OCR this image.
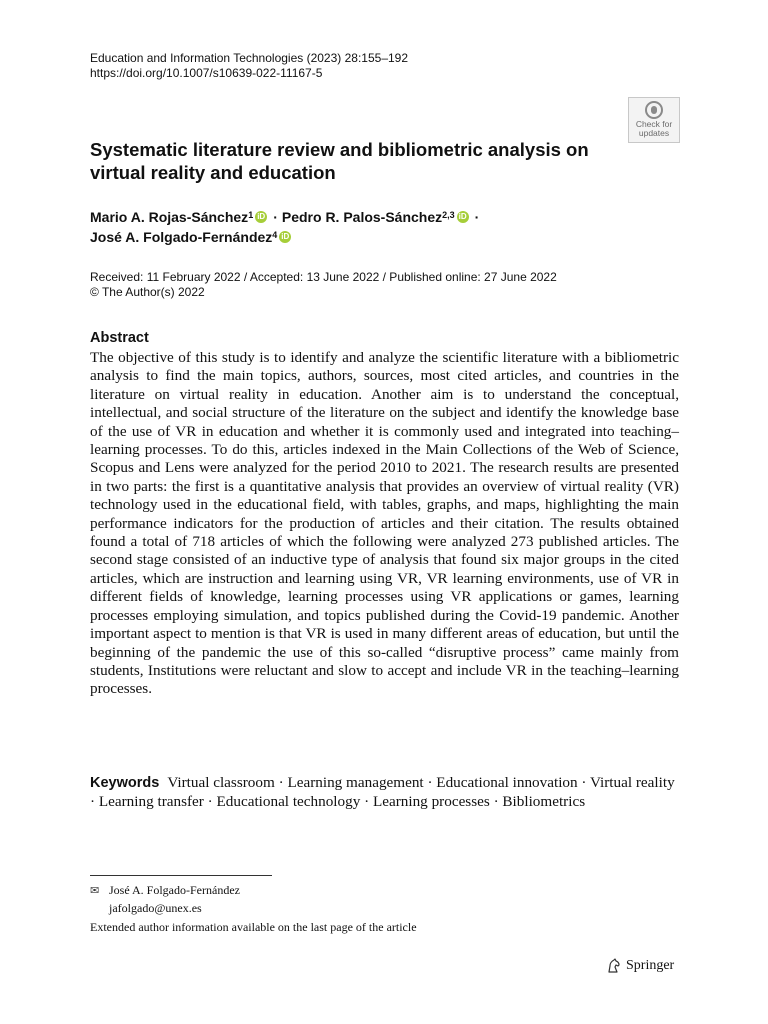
Education and Information Technologies (2023) 28:155–192
https://doi.org/10.1007/s10639-022-11167-5
Check for
updates
Systematic literature review and bibliometric analysis on virtual reality and education
Mario A. Rojas-Sánchez$^1$ iD · Pedro R. Palos-Sánchez$^{2,3}$ iD ·
José A. Folgado-Fernández$^4$ iD
Received: 11 February 2022 / Accepted: 13 June 2022 / Published online: 27 June 2022
© The Author(s) 2022
Abstract

The objective of this study is to identify and analyze the scientific literature with a bibliometric analysis to find the main topics, authors, sources, most cited articles, and countries in the literature on virtual reality in education. Another aim is to understand the conceptual, intellectual, and social structure of the literature on the subject and identify the knowledge base of the use of VR in education and whether it is commonly used and integrated into teaching–learning processes. To do this, articles indexed in the Main Collections of the Web of Science, Scopus and Lens were analyzed for the period 2010 to 2021. The research results are presented in two parts: the first is a quantitative analysis that provides an overview of virtual reality (VR) technology used in the educational field, with tables, graphs, and maps, highlighting the main performance indicators for the production of articles and their citation. The results obtained found a total of 718 articles of which the following were analyzed 273 published articles. The second stage consisted of an inductive type of analysis that found six major groups in the cited articles, which are instruction and learning using VR, VR learning environments, use of VR in different fields of knowledge, learning processes using VR applications or games, learning processes employing simulation, and topics published during the Covid-19 pandemic. Another important aspect to mention is that VR is used in many different areas of education, but until the beginning of the pandemic the use of this so-called “disruptive process” came mainly from students, Institutions were reluctant and slow to accept and include VR in the teaching–learning processes.

Keywords Virtual classroom · Learning management · Educational innovation · Virtual reality · Learning transfer · Educational technology · Learning processes · Bibliometrics
✉ José A. Folgado-Fernández
jafolgado@unex.es
Extended author information available on the last page of the article
Springer
